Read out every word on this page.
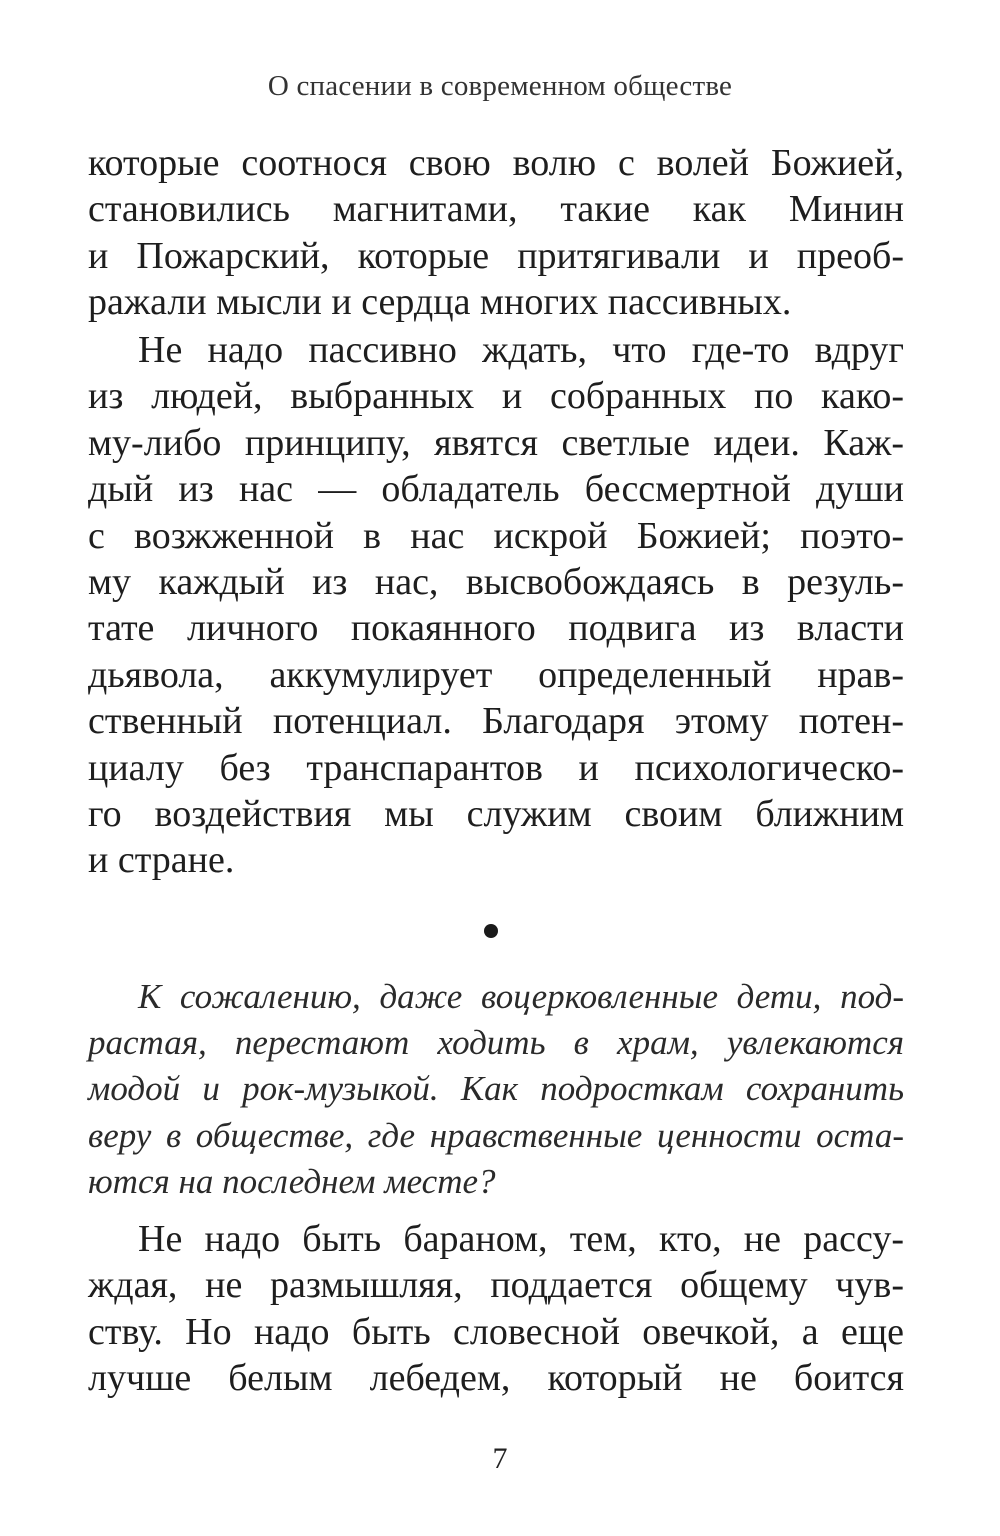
О спасении в современном обществе
которые соотнося свою волю с волей Божией,
становились магнитами, такие как Минин
и Пожарский, которые притягивали и преоб-
ражали мысли и сердца многих пассивных.
Не надо пассивно ждать, что где-то вдруг
из людей, выбранных и собранных по како-
му-либо принципу, явятся светлые идеи. Каж-
дый из нас — обладатель бессмертной души
с возжженной в нас искрой Божией; поэто-
му каждый из нас, высвобождаясь в резуль-
тате личного покаянного подвига из власти
дьявола, аккумулирует определенный нрав-
ственный потенциал. Благодаря этому потен-
циалу без транспарантов и психологическо-
го воздействия мы служим своим ближним
и стране.
К сожалению, даже воцерковленные дети, под-
растая, перестают ходить в храм, увлекаются
модой и рок-музыкой. Как подросткам сохранить
веру в обществе, где нравственные ценности оста-
ются на последнем месте?
Не надо быть бараном, тем, кто, не рассу-
ждая, не размышляя, поддается общему чув-
ству. Но надо быть словесной овечкой, а еще
лучше белым лебедем, который не боится
7
